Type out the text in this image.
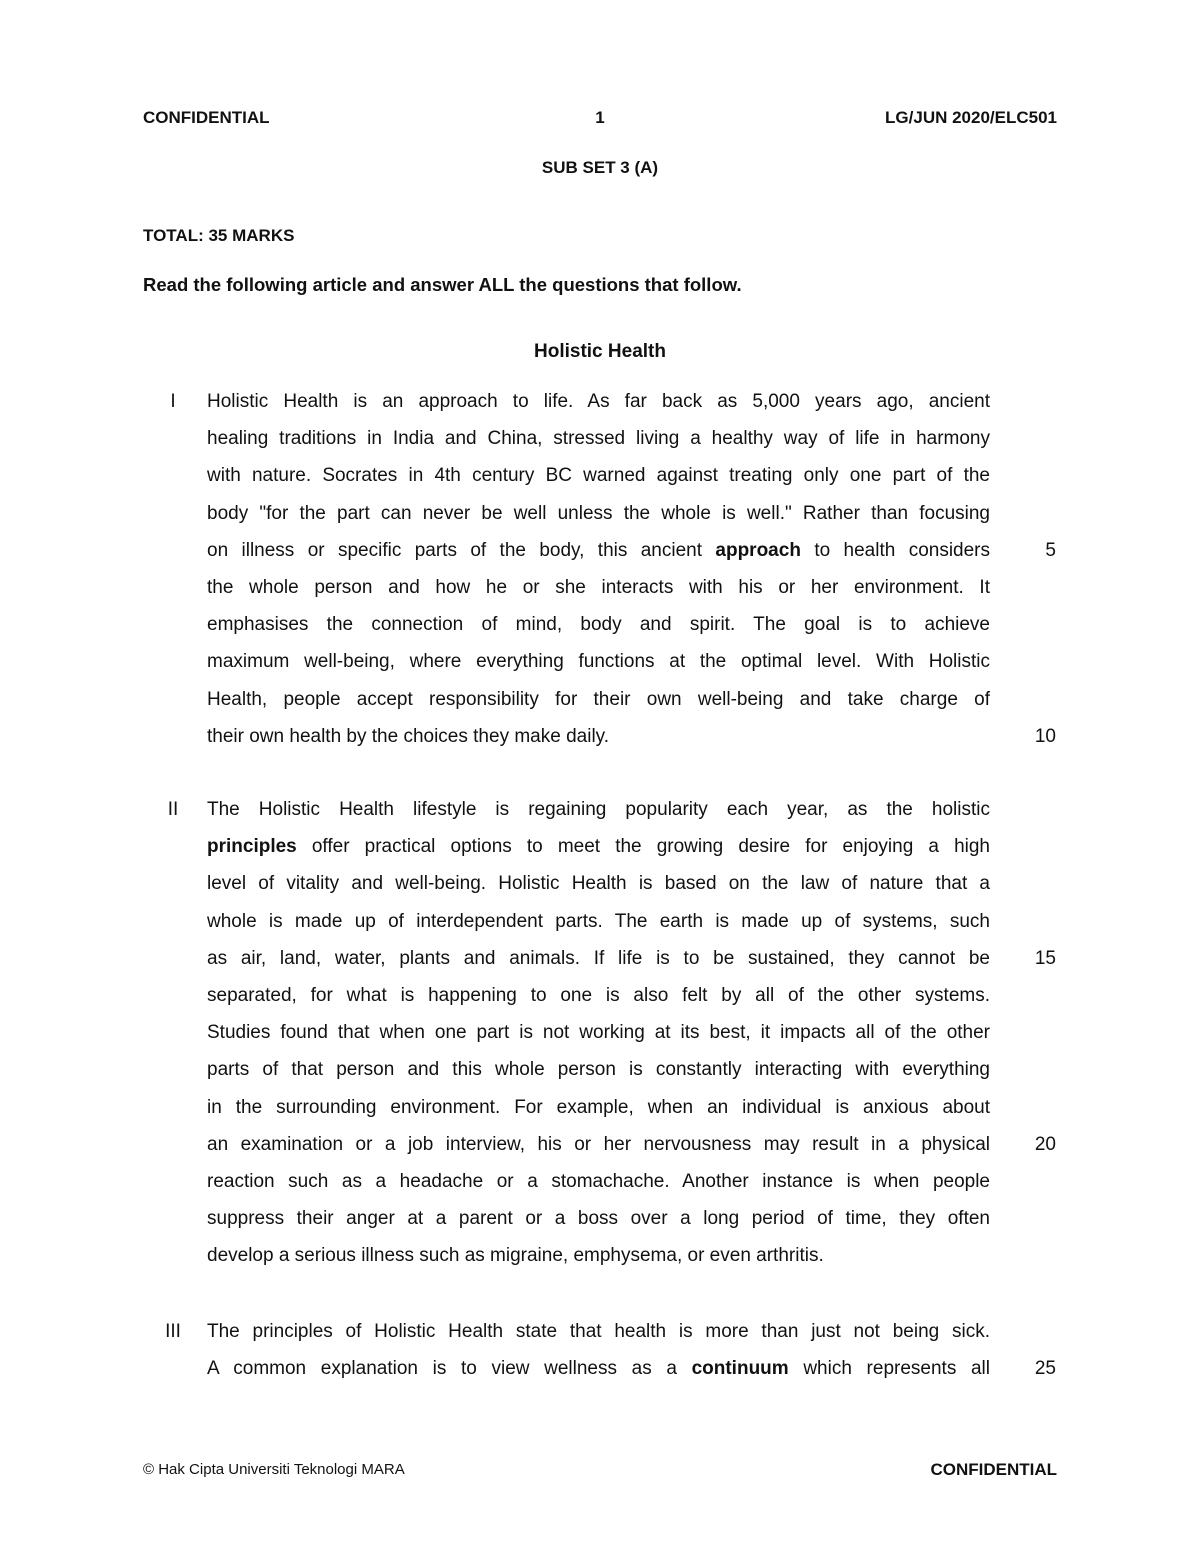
CONFIDENTIAL	1	LG/JUN 2020/ELC501
SUB SET 3 (A)
TOTAL: 35 MARKS
Read the following article and answer ALL the questions that follow.
Holistic Health
I	Holistic Health is an approach to life. As far back as 5,000 years ago, ancient
healing traditions in India and China, stressed living a healthy way of life in harmony
with nature. Socrates in 4th century BC warned against treating only one part of the
body "for the part can never be well unless the whole is well." Rather than focusing
on illness or specific parts of the body, this ancient approach to health considers	5
the whole person and how he or she interacts with his or her environment. It
emphasises the connection of mind, body and spirit. The goal is to achieve
maximum well-being, where everything functions at the optimal level. With Holistic
Health, people accept responsibility for their own well-being and take charge of
their own health by the choices they make daily.	10
II	The Holistic Health lifestyle is regaining popularity each year, as the holistic
principles offer practical options to meet the growing desire for enjoying a high
level of vitality and well-being. Holistic Health is based on the law of nature that a
whole is made up of interdependent parts. The earth is made up of systems, such
as air, land, water, plants and animals. If life is to be sustained, they cannot be	15
separated, for what is happening to one is also felt by all of the other systems.
Studies found that when one part is not working at its best, it impacts all of the other
parts of that person and this whole person is constantly interacting with everything
in the surrounding environment. For example, when an individual is anxious about
an examination or a job interview, his or her nervousness may result in a physical	20
reaction such as a headache or a stomachache. Another instance is when people
suppress their anger at a parent or a boss over a long period of time, they often
develop a serious illness such as migraine, emphysema, or even arthritis.
III	The principles of Holistic Health state that health is more than just not being sick.
A common explanation is to view wellness as a continuum which represents all	25
© Hak Cipta Universiti Teknologi MARA	CONFIDENTIAL
